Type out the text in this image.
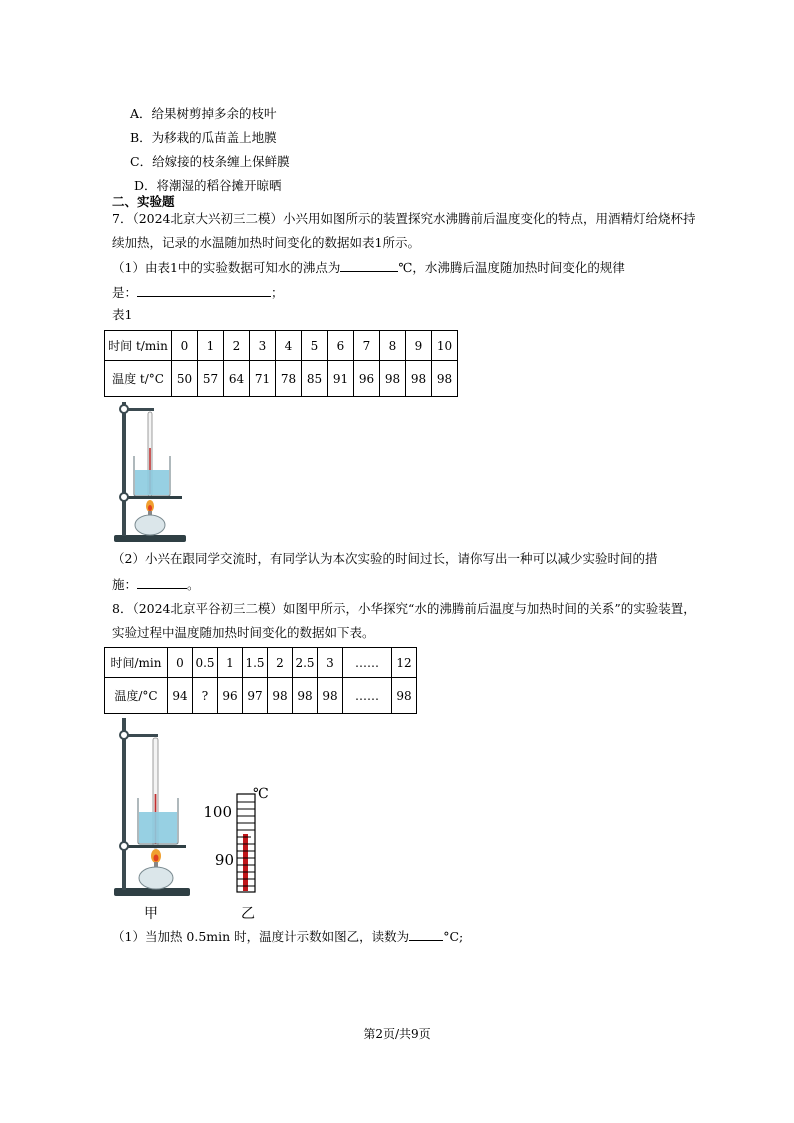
A．给果树剪掉多余的枝叶
B．为移栽的瓜苗盖上地膜
C．给嫁接的枝条缠上保鲜膜
D．将潮湿的稻谷摊开晾晒
二、实验题
7．（2024北京大兴初三二模）小兴用如图所示的装置探究水沸腾前后温度变化的特点，用酒精灯给烧杯持
续加热，记录的水温随加热时间变化的数据如表1所示。
（1）由表1中的实验数据可知水的沸点为	℃，水沸腾后温度随加热时间变化的规律
是：	；
表1
时间 t/min	0	1	2	3	4	5	6	7	8	9	10
温度 t/°C	50	57	64	71	78	85	91	96	98	98	98
（2）小兴在跟同学交流时，有同学认为本次实验的时间过长，请你写出一种可以减少实验时间的措
施：	。
8．（2024北京平谷初三二模）如图甲所示，小华探究“水的沸腾前后温度与加热时间的关系”的实验装置，
实验过程中温度随加热时间变化的数据如下表。
时间/min	0	0.5	1	1.5	2	2.5	3	……	12
温度/°C	94	?	96	97	98	98	98	……	98
℃
100
90
甲	乙
（1）当加热 0.5min 时，温度计示数如图乙，读数为	°C;
第2页/共9页
